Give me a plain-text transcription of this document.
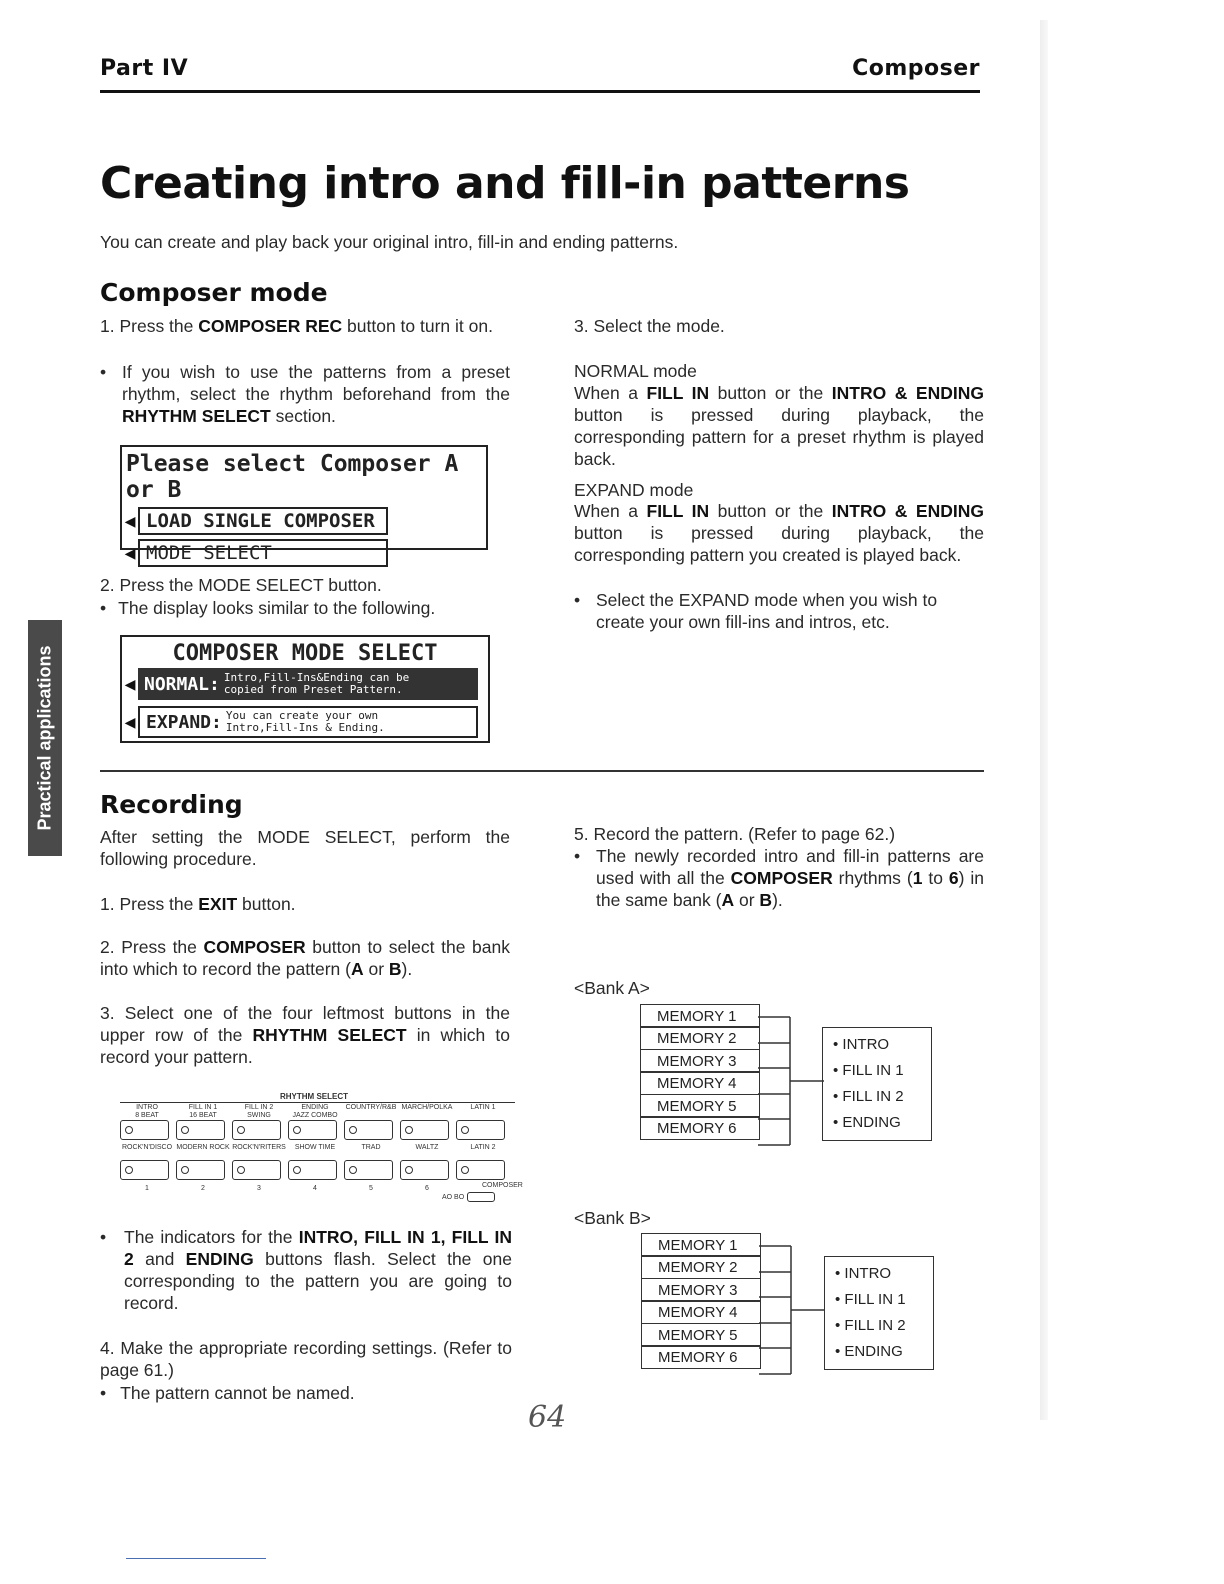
Part IV	Composer
Creating intro and fill-in patterns
You can create and play back your original intro, fill-in and ending patterns.
Practical applications
Composer mode
1. Press the COMPOSER REC button to turn it on.
• If you wish to use the patterns from a preset rhythm, select the rhythm beforehand from the RHYTHM SELECT section.
Please select Composer A or B
◀ LOAD SINGLE COMPOSER
◀ MODE SELECT
2. Press the MODE SELECT button.
• The display looks similar to the following.
COMPOSER MODE SELECT
◀ NORMAL: Intro,Fill-Ins&Ending can be
copied from Preset Pattern.
◀ EXPAND: You can create your own
Intro,Fill-Ins & Ending.
3. Select the mode.
NORMAL mode
When a FILL IN button or the INTRO & ENDING button is pressed during playback, the corresponding pattern for a preset rhythm is played back.
EXPAND mode
When a FILL IN button or the INTRO & ENDING button is pressed during playback, the corresponding pattern you created is played back.
• Select the EXPAND mode when you wish to create your own fill-ins and intros, etc.
Recording
After setting the MODE SELECT, perform the following procedure.
1. Press the EXIT button.
2. Press the COMPOSER button to select the bank into which to record the pattern (A or B).
3. Select one of the four leftmost buttons in the upper row of the RHYTHM SELECT in which to record your pattern.
RHYTHM SELECT
INTRO
8 BEAT
FILL IN 1
16 BEAT
FILL IN 2
SWING
ENDING
JAZZ COMBO
COUNTRY/R&B MARCH/POLKA	LATIN 1
ROCK'N'DISCO
1
MODERN ROCK
2
ROCK'N'RITERS
3
SHOW TIME
4
TRAD
5
WALTZ
6
LATIN 2
COMPOSER
AO BO
• The indicators for the INTRO, FILL IN 1, FILL IN 2 and ENDING buttons flash. Select the one corresponding to the pattern you are going to record.
4. Make the appropriate recording settings. (Refer to page 61.)
• The pattern cannot be named.
5. Record the pattern. (Refer to page 62.)
• The newly recorded intro and fill-in patterns are used with all the COMPOSER rhythms (1 to 6) in the same bank (A or B).
<Bank A>
MEMORY 1
MEMORY 2
MEMORY 3
MEMORY 4
MEMORY 5
MEMORY 6
• INTRO
• FILL IN 1
• FILL IN 2
• ENDING
<Bank B>
MEMORY 1
MEMORY 2
MEMORY 3
MEMORY 4
MEMORY 5
MEMORY 6
• INTRO
• FILL IN 1
• FILL IN 2
• ENDING
64
